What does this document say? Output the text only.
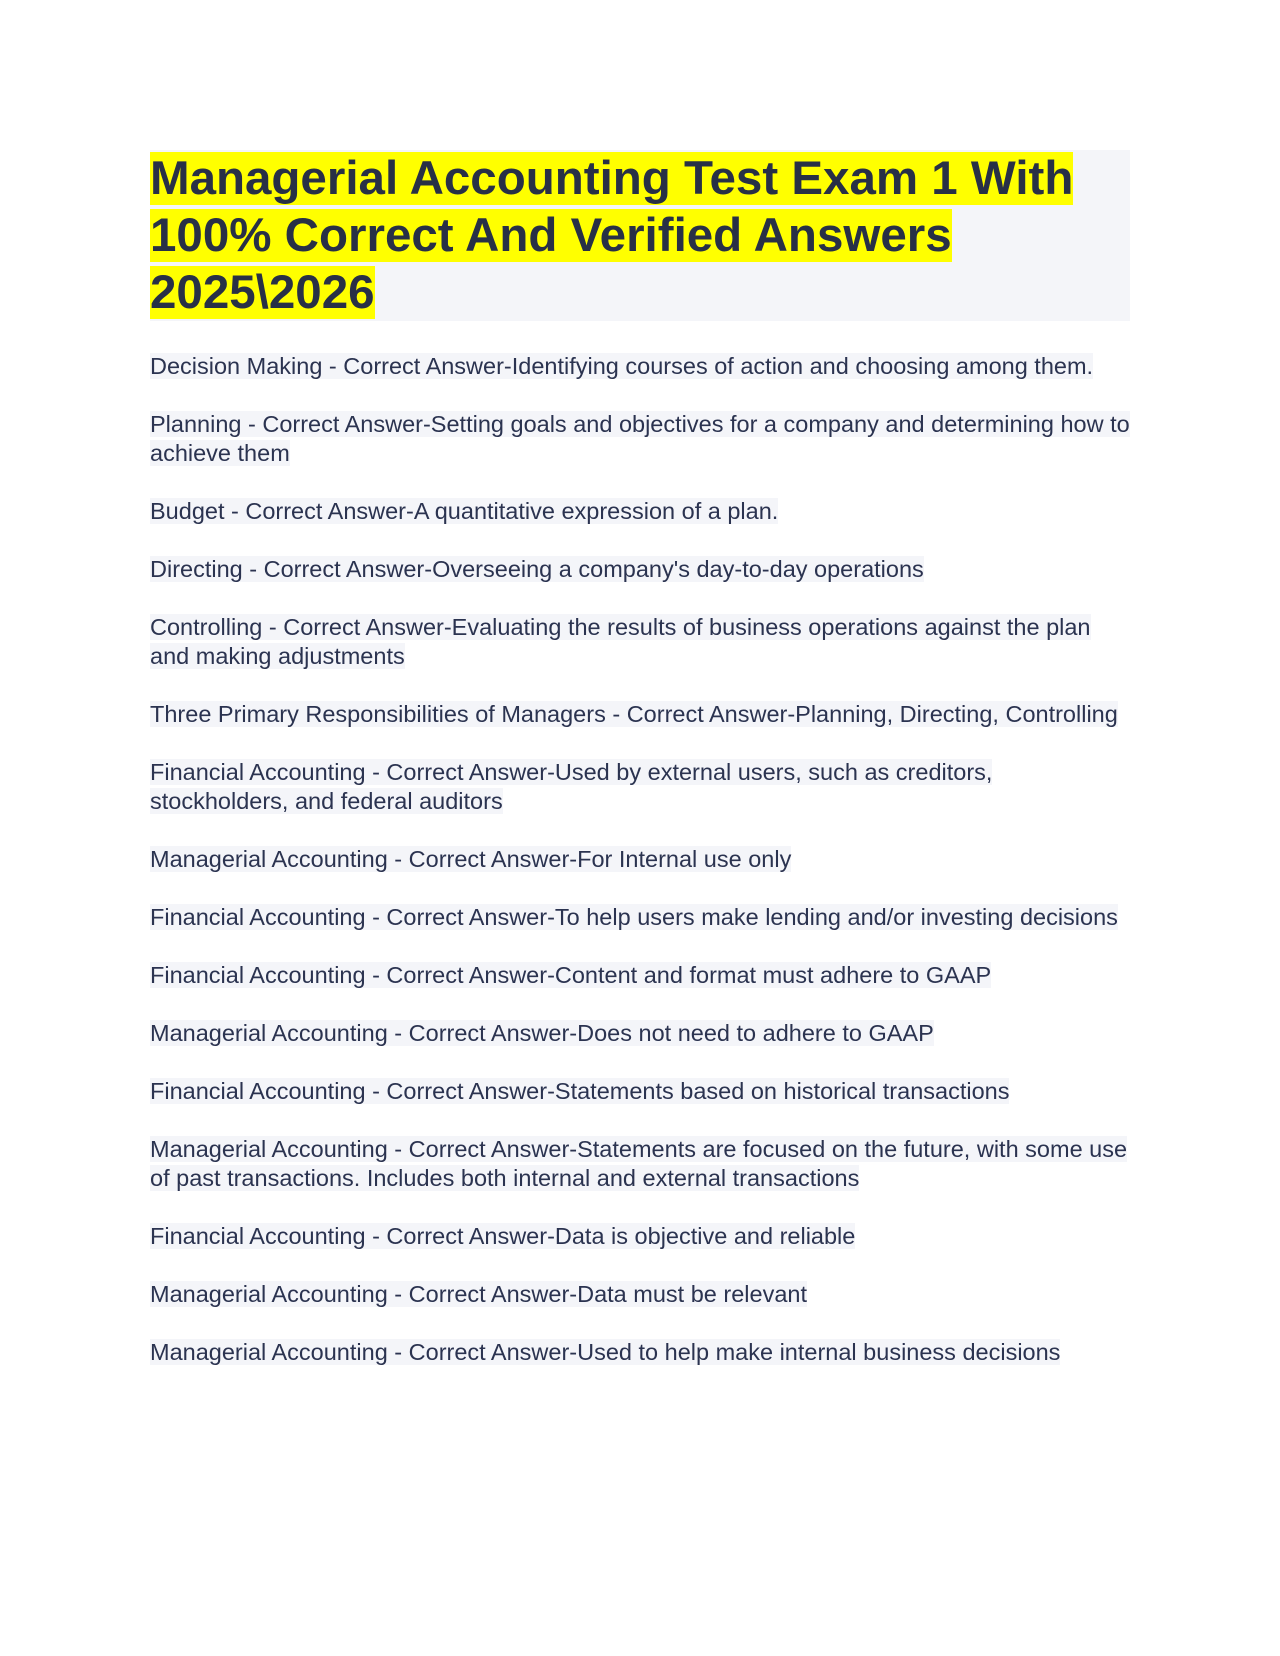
Managerial Accounting Test Exam 1 With
100% Correct And Verified Answers
2025\2026

Decision Making - Correct Answer-Identifying courses of action and choosing among them.

Planning - Correct Answer-Setting goals and objectives for a company and determining how to achieve them

Budget - Correct Answer-A quantitative expression of a plan.

Directing - Correct Answer-Overseeing a company's day-to-day operations

Controlling - Correct Answer-Evaluating the results of business operations against the plan and making adjustments

Three Primary Responsibilities of Managers - Correct Answer-Planning, Directing, Controlling

Financial Accounting - Correct Answer-Used by external users, such as creditors, stockholders, and federal auditors

Managerial Accounting - Correct Answer-For Internal use only

Financial Accounting - Correct Answer-To help users make lending and/or investing decisions

Financial Accounting - Correct Answer-Content and format must adhere to GAAP

Managerial Accounting - Correct Answer-Does not need to adhere to GAAP

Financial Accounting - Correct Answer-Statements based on historical transactions

Managerial Accounting - Correct Answer-Statements are focused on the future, with some use of past transactions. Includes both internal and external transactions

Financial Accounting - Correct Answer-Data is objective and reliable

Managerial Accounting - Correct Answer-Data must be relevant

Managerial Accounting - Correct Answer-Used to help make internal business decisions
